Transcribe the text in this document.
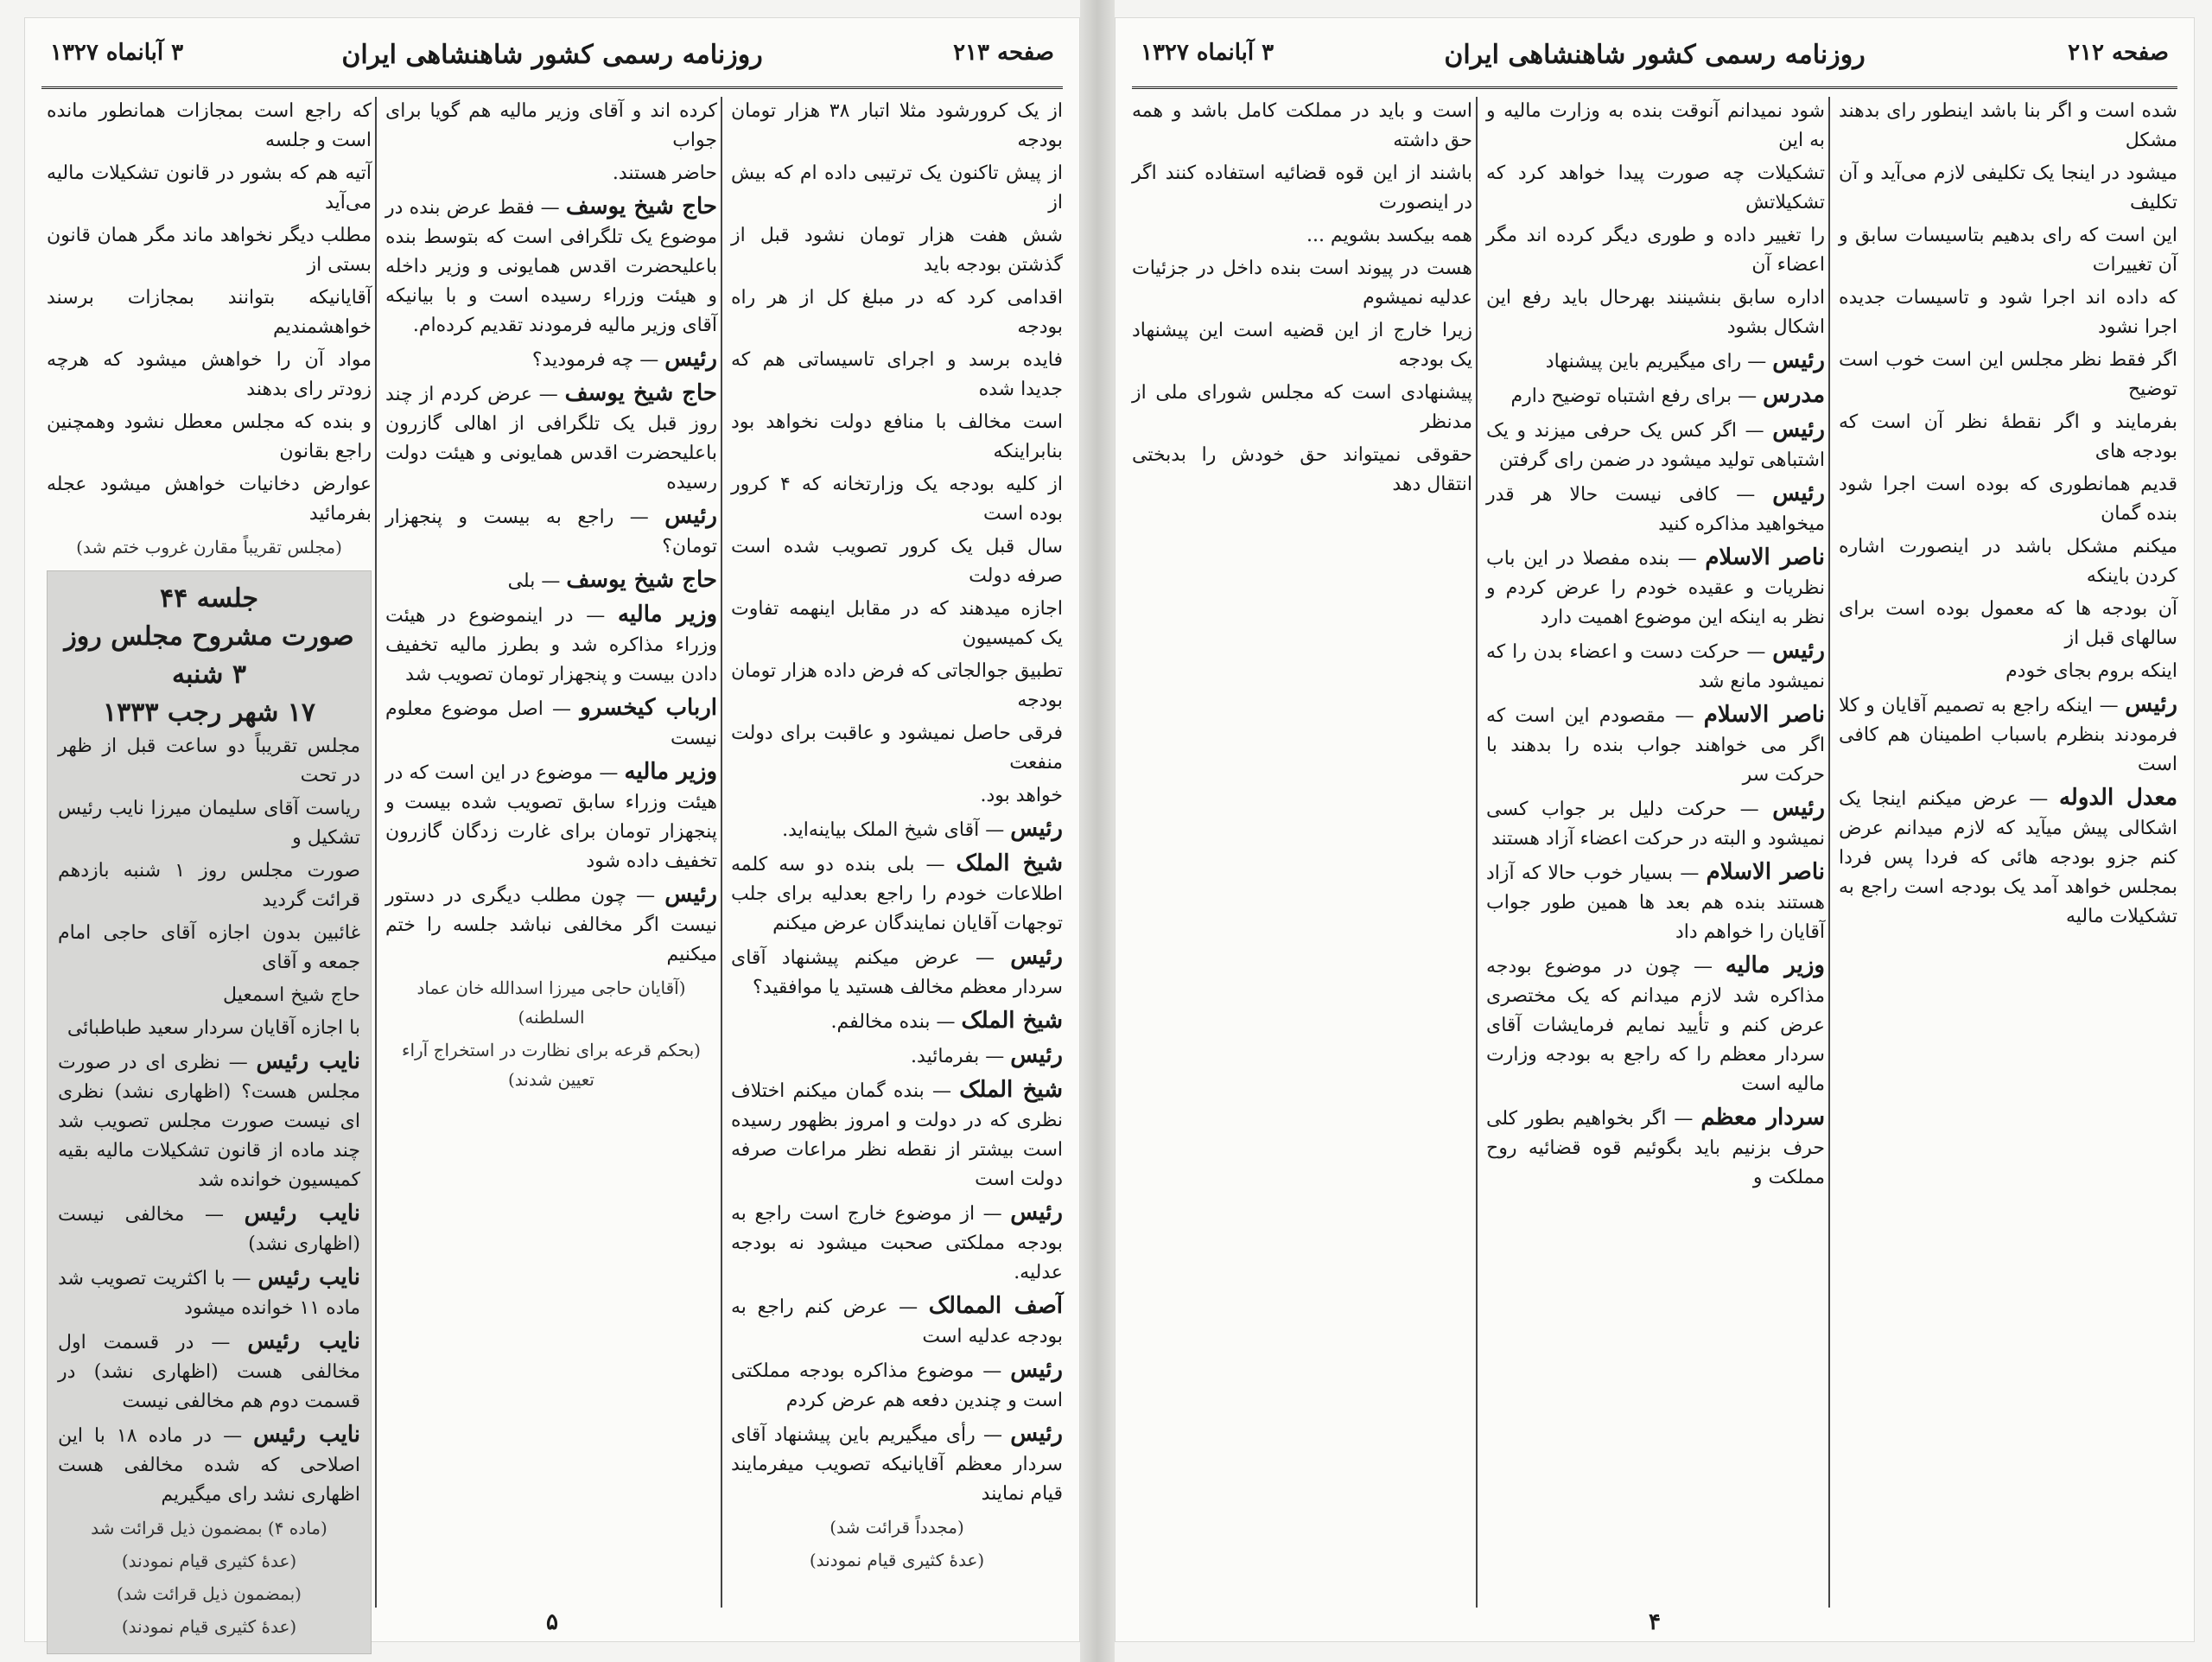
صفحه ۲۱۳
روزنامه رسمی کشور شاهنشاهی ایران
۳ آبانماه ۱۳۲۷

از یک کرورشود مثلا اتبار ۳۸ هزار تومان بودجه

از پیش تاکنون یک ترتیبی داده ام که بیش از

شش هفت هزار تومان نشود قبل از گذشتن بودجه باید

اقدامی کرد که در مبلغ کل از هر راه بودجه

فایده برسد و اجرای تاسیساتی هم که جدیدا شده

است مخالف با منافع دولت نخواهد بود بنابراینکه

از کلیه بودجه یک وزارتخانه که ۴ کرور بوده است

سال قبل یک کرور تصویب شده است صرفه دولت

اجازه میدهند که در مقابل اینهمه تفاوت یک کمیسیون

تطبیق جوالجاتی که فرض داده هزار تومان بودجه

فرقی حاصل نمیشود و عاقبت برای دولت منفعت

خواهد بود.

رئیس — آقای شیخ الملک بیاینه‌اید.

شیخ الملک — بلی بنده دو سه کلمه اطلاعات خودم را راجع بعدلیه برای جلب توجهات آقایان نمایندگان عرض میکنم

رئیس — عرض میکنم پیشنهاد آقای سردار معظم مخالف هستید یا موافقید؟

شیخ الملک — بنده مخالفم.

رئیس — بفرمائید.

شیخ الملک — بنده گمان میکنم اختلاف نظری که در دولت و امروز بظهور رسیده است بیشتر از نقطه نظر مراعات صرفه دولت است

رئیس — از موضوع خارج است راجع به بودجه مملکتی صحبت میشود نه بودجه عدلیه.

آصف الممالک — عرض کنم راجع به بودجه عدلیه است

رئیس — موضوع مذاکره بودجه مملکتی است و چندین دفعه هم عرض کردم

رئیس — رأی میگیریم باین پیشنهاد آقای سردار معظم آقایانیکه تصویب میفرمایند قیام نمایند

(مجدداً قرائت شد)

(عدهٔ کثیری قیام نمودند)

کرده اند و آقای وزیر مالیه هم گویا برای جواب

حاضر هستند.

حاج شیخ یوسف — فقط عرض بنده در موضوع یک تلگرافی است که بتوسط بنده باعلیحضرت اقدس همایونی و وزیر داخله و هیئت وزراء رسیده است و با بیانیکه آقای وزیر مالیه فرمودند تقدیم کرده‌ام.

رئیس — چه فرمودید؟

حاج شیخ یوسف — عرض کردم از چند روز قبل یک تلگرافی از اهالی گازرون باعلیحضرت اقدس همایونی و هیئت دولت رسیده

رئیس — راجع به بیست و پنجهزار تومان؟

حاج شیخ یوسف — بلی

وزیر مالیه — در اینموضوع در هیئت وزراء مذاکره شد و بطرز مالیه تخفیف دادن بیست و پنجهزار تومان تصویب شد

ارباب کیخسرو — اصل موضوع معلوم نیست

وزیر مالیه — موضوع در این است که در هیئت وزراء سابق تصویب شده بیست و پنجهزار تومان برای غارت زدگان گازرون تخفیف داده شود

رئیس — چون مطلب دیگری در دستور نیست اگر مخالفی نباشد جلسه را ختم میکنیم

(آقایان حاجی میرزا اسدالله خان عماد السلطنه)

(بحکم قرعه برای نظارت در استخراج آراء تعیین شدند)

که راجع است بمجازات همانطور مانده است و جلسه

آتیه هم که بشور در قانون تشکیلات مالیه می‌آید

مطلب دیگر نخواهد ماند مگر همان قانون بستی از

آقایانیکه بتوانند بمجازات برسند خواهشمندیم

مواد آن را خواهش میشود که هرچه زودتر رای بدهند

و بنده که مجلس معطل نشود وهمچنین راجع بقانون

عوارض دخانیات خواهش میشود عجله بفرمائید

(مجلس تقریباً مقارن غروب ختم شد)

جلسه ۴۴
صورت مشروح مجلس روز ۳ شنبه
۱۷ شهر رجب ۱۳۳۳

مجلس تقریباً دو ساعت قبل از ظهر در تحت

ریاست آقای سلیمان میرزا نایب رئیس تشکیل و

صورت مجلس روز ۱ شنبه بازدهم قرائت گردید

غائبین بدون اجازه آقای حاجی امام جمعه و آقای

حاج شیخ اسمعیل

با اجازه آقایان سردار سعید طباطبائی

نایب رئیس — نظری ای در صورت مجلس هست؟ (اظهاری نشد) نظری ای نیست صورت مجلس تصویب شد چند ماده از قانون تشکیلات مالیه بقیه کمیسیون خوانده شد

نایب رئیس — مخالفی نیست (اظهاری نشد)

نایب رئیس — با اکثریت تصویب شد ماده ۱۱ خوانده میشود

نایب رئیس — در قسمت اول مخالفی هست (اظهاری نشد) در قسمت دوم هم مخالفی نیست

نایب رئیس — در ماده ۱۸ با این اصلاحی که شده مخالفی هست اظهاری نشد رای میگیریم

(ماده ۴) بمضمون ذیل قرائت شد

(عدهٔ کثیری قیام نمودند)

(بمضمون ذیل قرائت شد)

(عدهٔ کثیری قیام نمودند)	۵
صفحه ۲۱۲
روزنامه رسمی کشور شاهنشاهی ایران
۳ آبانماه ۱۳۲۷

شده است و اگر بنا باشد اینطور رای بدهند مشکل

میشود در اینجا یک تکلیفی لازم می‌آید و آن تکلیف

این است که رای بدهیم بتاسیسات سابق و آن تغییرات

که داده اند اجرا شود و تاسیسات جدیده اجرا نشود

اگر فقط نظر مجلس این است خوب است توضیح

بفرمایند و اگر نقطهٔ نظر آن است که بودجه های

قدیم همانطوری که بوده است اجرا شود بنده گمان

میکنم مشکل باشد در اینصورت اشاره کردن باینکه

آن بودجه ها که معمول بوده است برای سالهای قبل از

اینکه بروم بجای خودم

رئیس — اینکه راجع به تصمیم آقایان و کلا فرمودند بنظرم باسباب اطمینان هم کافی است

معدل الدوله — عرض میکنم اینجا یک اشکالی پیش میآید که لازم میدانم عرض کنم جزو بودجه هائی که فردا پس فردا بمجلس خواهد آمد یک بودجه است راجع به تشکیلات مالیه

شود نمیدانم آنوقت بنده به وزارت مالیه و به این

تشکیلات چه صورت پیدا خواهد کرد که تشکیلاتش

را تغییر داده و طوری دیگر کرده اند مگر اعضاء آن

اداره سابق بنشینند بهرحال باید رفع این اشکال بشود

رئیس — رای میگیریم باین پیشنهاد

مدرس — برای رفع اشتباه توضیح دارم

رئیس — اگر کس یک حرفی میزند و یک اشتباهی تولید میشود در ضمن رای گرفتن

رئیس — کافی نیست حالا هر قدر میخواهید مذاکره کنید

ناصر الاسلام — بنده مفصلا در این باب نظریات و عقیده خودم را عرض کردم و نظر به اینکه این موضوع اهمیت دارد

رئیس — حرکت دست و اعضاء بدن را که نمیشود مانع شد

ناصر الاسلام — مقصودم این است که اگر می خواهند جواب بنده را بدهند با حرکت سر

رئیس — حرکت دلیل بر جواب کسی نمیشود و البته در حرکت اعضاء آزاد هستند

ناصر الاسلام — بسیار خوب حالا که آزاد هستند بنده هم بعد ها همین طور جواب آقایان را خواهم داد

وزیر مالیه — چون در موضوع بودجه مذاکره شد لازم میدانم که یک مختصری عرض کنم و تأیید نمایم فرمایشات آقای سردار معظم را که راجع به بودجه وزارت مالیه است

سردار معظم — اگر بخواهیم بطور کلی حرف بزنیم باید بگوئیم قوه قضائیه روح مملکت و

است و باید در مملکت کامل باشد و همه حق داشته

باشند از این قوه قضائیه استفاده کنند اگر در اینصورت

همه بیکسد بشویم ...

هست در پیوند است بنده داخل در جزئیات عدلیه نمیشوم

زیرا خارج از این قضیه است این پیشنهاد یک بودجه

پیشنهادی است که مجلس شورای ملی از مدنظر

حقوقی نمیتواند حق خودش را بدبختی انتقال دهد

۴
